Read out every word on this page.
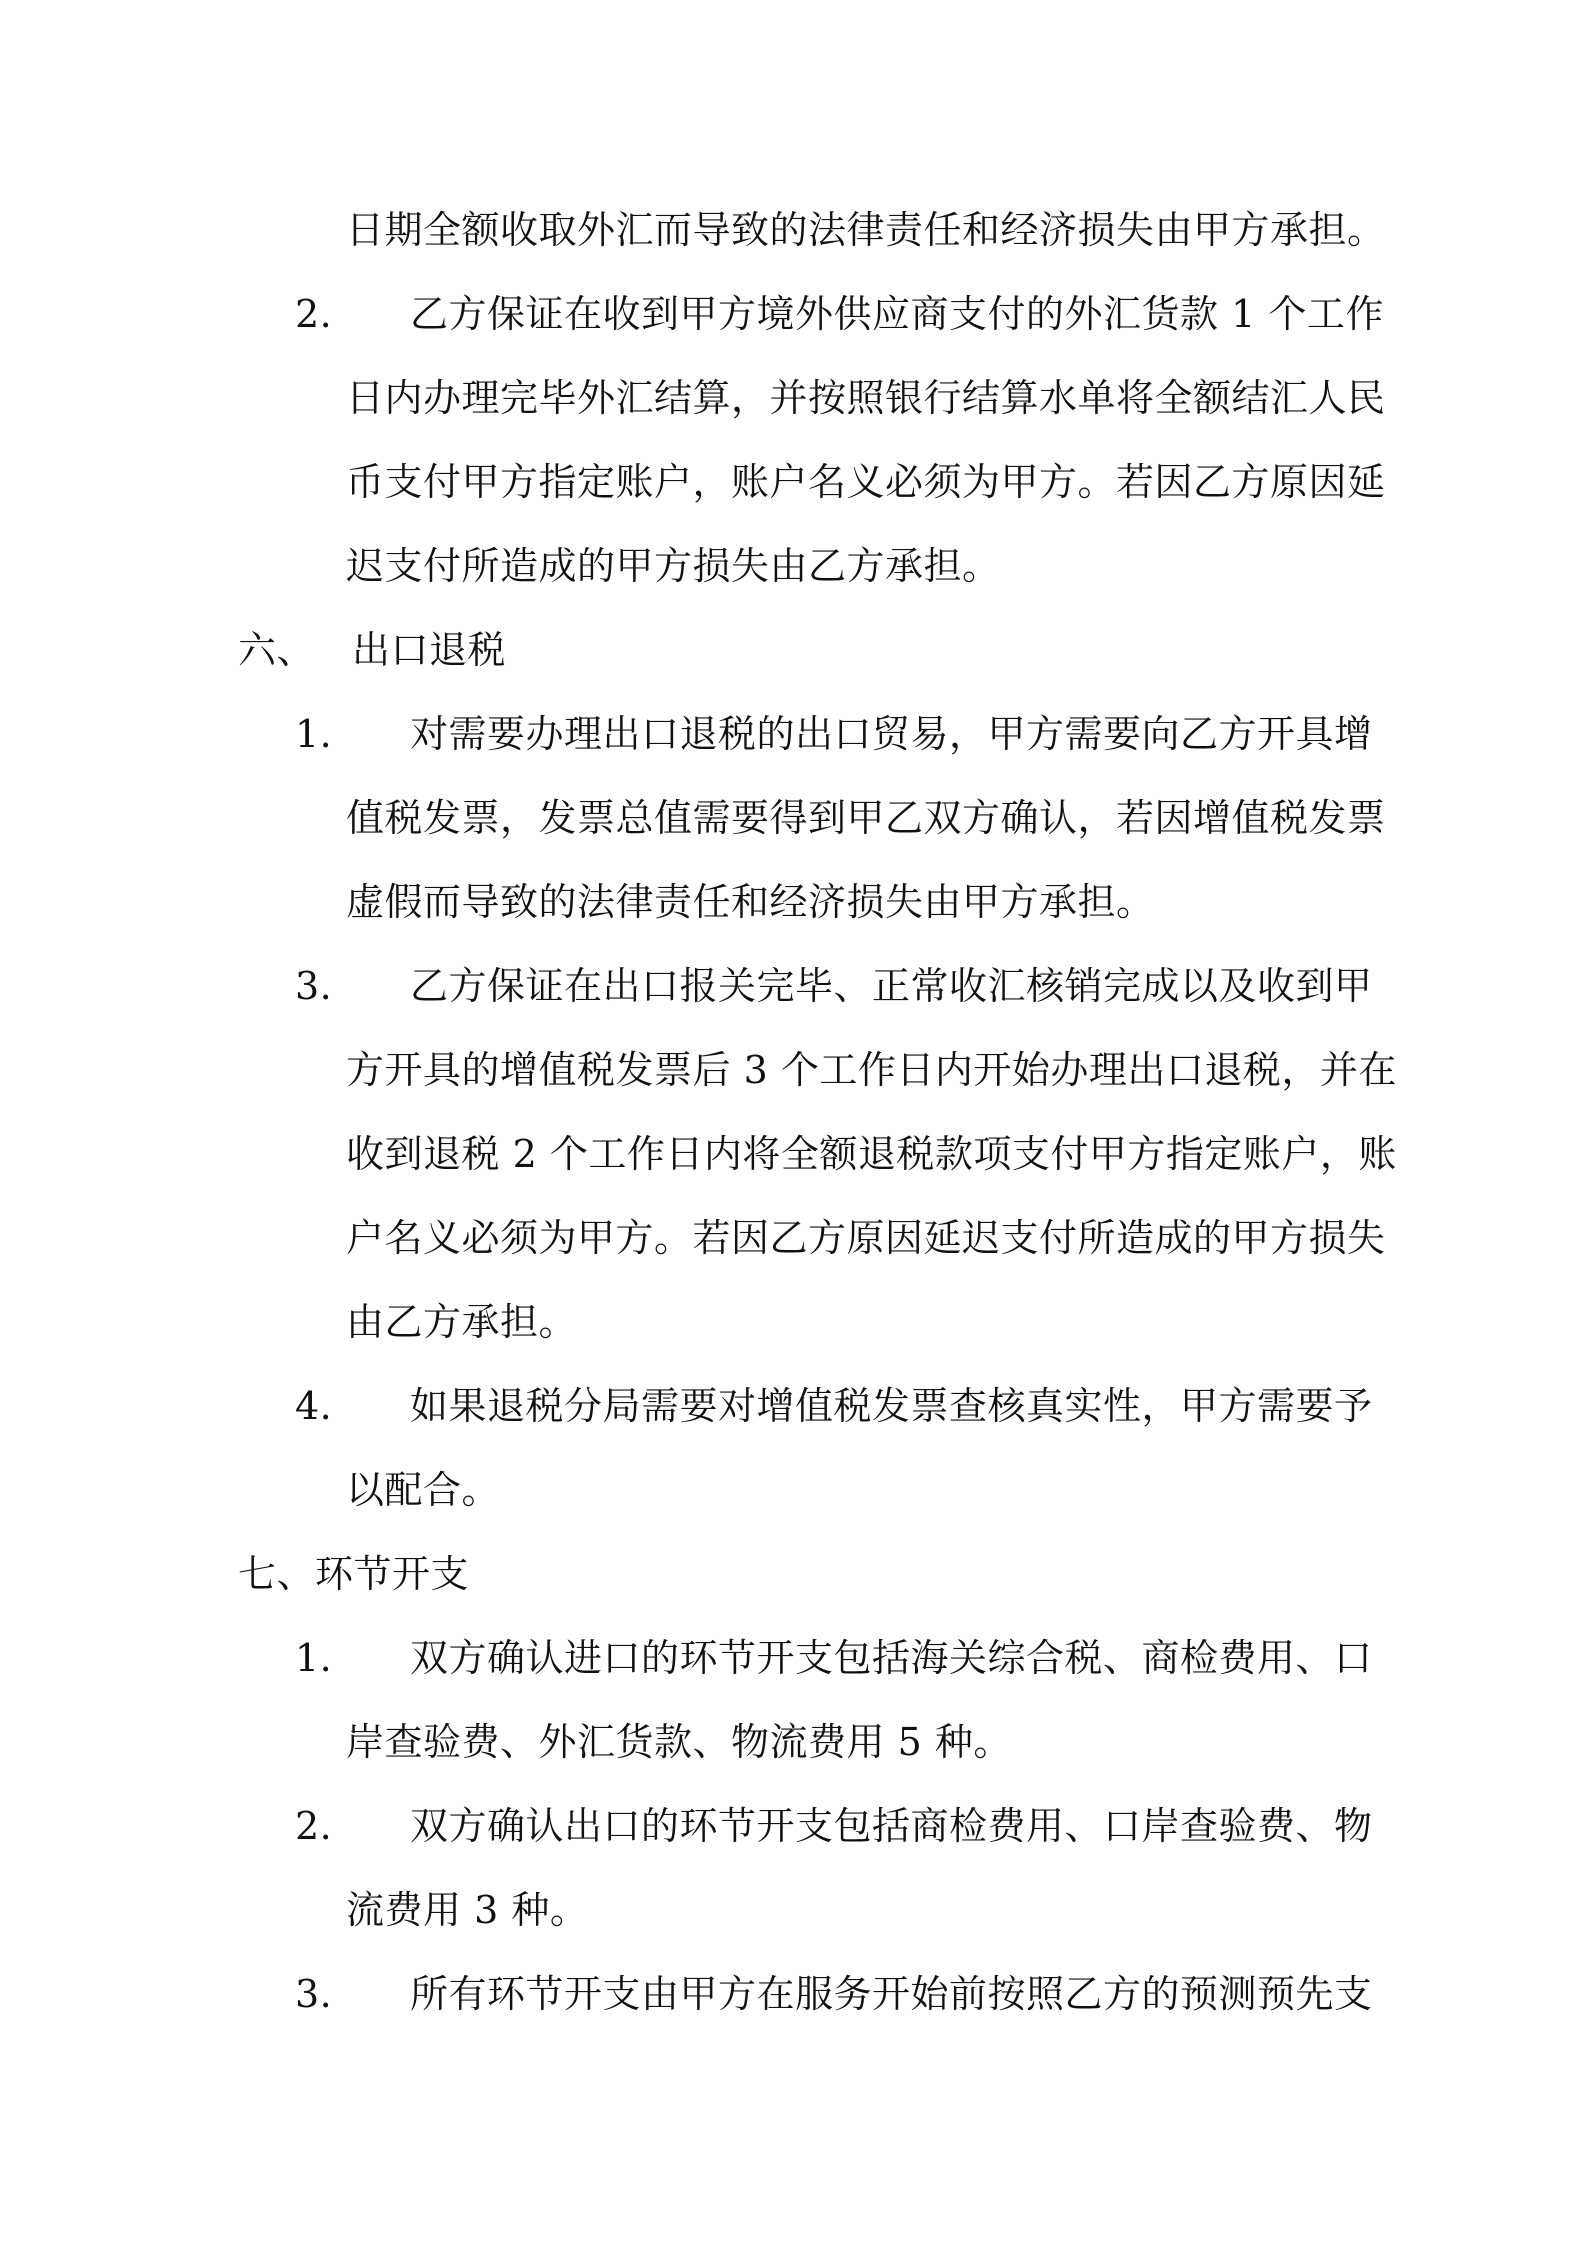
日期全额收取外汇而导致的法律责任和经济损失由甲方承担。
2. 乙方保证在收到甲方境外供应商支付的外汇货款 1 个工作
日内办理完毕外汇结算，并按照银行结算水单将全额结汇人民
币支付甲方指定账户，账户名义必须为甲方。若因乙方原因延
迟支付所造成的甲方损失由乙方承担。
六、 出口退税
1. 对需要办理出口退税的出口贸易，甲方需要向乙方开具增
值税发票，发票总值需要得到甲乙双方确认，若因增值税发票
虚假而导致的法律责任和经济损失由甲方承担。
3. 乙方保证在出口报关完毕、正常收汇核销完成以及收到甲
方开具的增值税发票后 3 个工作日内开始办理出口退税，并在
收到退税 2 个工作日内将全额退税款项支付甲方指定账户，账
户名义必须为甲方。若因乙方原因延迟支付所造成的甲方损失
由乙方承担。
4. 如果退税分局需要对增值税发票查核真实性，甲方需要予
以配合。
七、环节开支
1. 双方确认进口的环节开支包括海关综合税、商检费用、口
岸查验费、外汇货款、物流费用 5 种。
2. 双方确认出口的环节开支包括商检费用、口岸查验费、物
流费用 3 种。
3. 所有环节开支由甲方在服务开始前按照乙方的预测预先支
